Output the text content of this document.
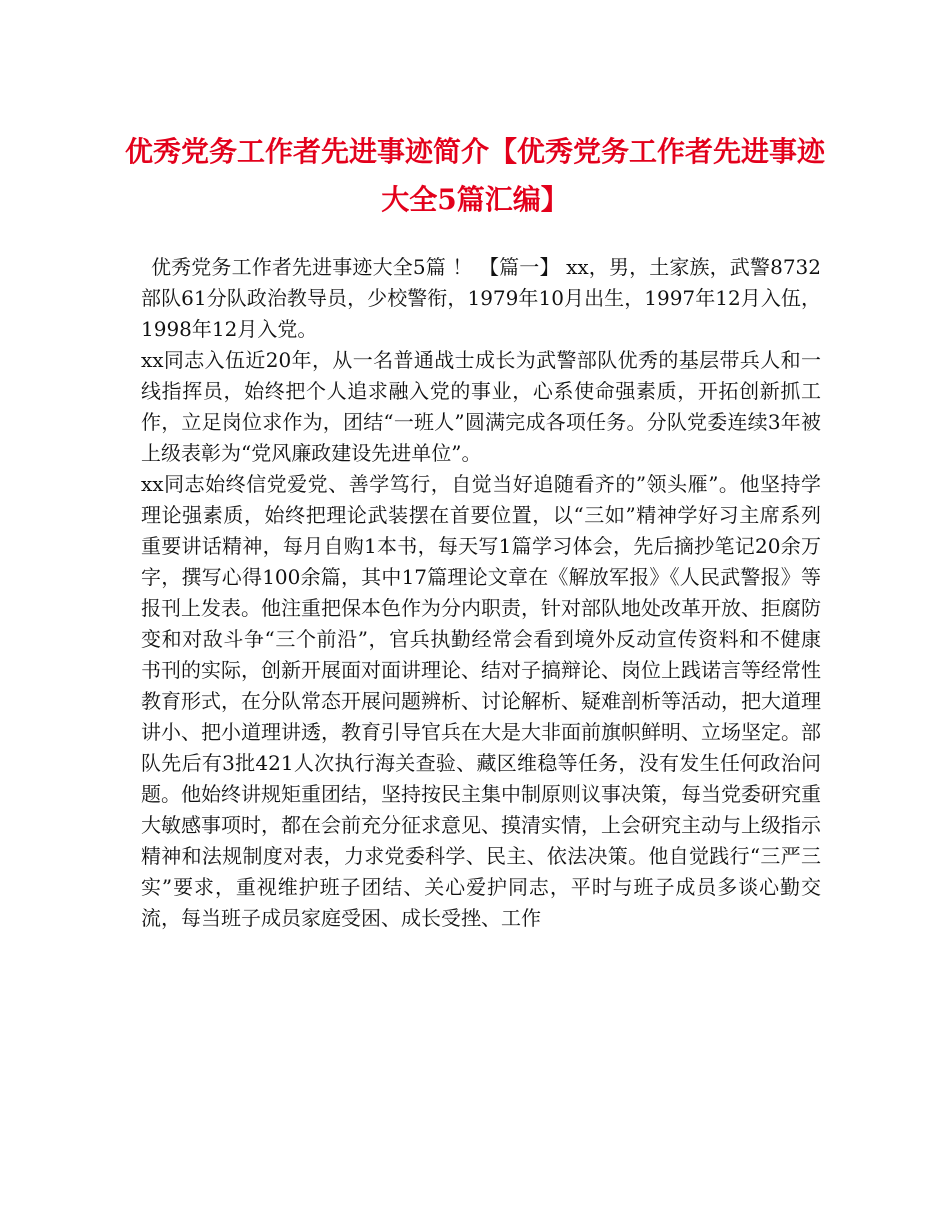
优秀党务工作者先进事迹简介【优秀党务工作者先进事迹大全5篇汇编】

优秀党务工作者先进事迹大全5篇 ！ 【篇一】 xx，男，土家族，武警8732部队61分队政治教导员，少校警衔，1979年10月出生，1997年12月入伍，1998年12月入党。

xx同志入伍近20年，从一名普通战士成长为武警部队优秀的基层带兵人和一线指挥员，始终把个人追求融入党的事业，心系使命强素质，开拓创新抓工作，立足岗位求作为，团结“一班人”圆满完成各项任务。分队党委连续3年被上级表彰为“党风廉政建设先进单位”。

xx同志始终信党爱党、善学笃行，自觉当好追随看齐的”领头雁”。他坚持学理论强素质，始终把理论武装摆在首要位置，以“三如”精神学好习主席系列重要讲话精神，每月自购1本书，每天写1篇学习体会，先后摘抄笔记20余万字，撰写心得100余篇，其中17篇理论文章在《解放军报》《人民武警报》等报刊上发表。他注重把保本色作为分内职责，针对部队地处改革开放、拒腐防变和对敌斗争“三个前沿”，官兵执勤经常会看到境外反动宣传资料和不健康书刊的实际，创新开展面对面讲理论、结对子搞辩论、岗位上践诺言等经常性教育形式，在分队常态开展问题辨析、讨论解析、疑难剖析等活动，把大道理讲小、把小道理讲透，教育引导官兵在大是大非面前旗帜鲜明、立场坚定。部队先后有3批421人次执行海关查验、藏区维稳等任务，没有发生任何政治问题。他始终讲规矩重团结，坚持按民主集中制原则议事决策，每当党委研究重大敏感事项时，都在会前充分征求意见、摸清实情，上会研究主动与上级指示精神和法规制度对表，力求党委科学、民主、依法决策。他自觉践行“三严三实”要求，重视维护班子团结、关心爱护同志，平时与班子成员多谈心勤交流，每当班子成员家庭受困、成长受挫、工作
